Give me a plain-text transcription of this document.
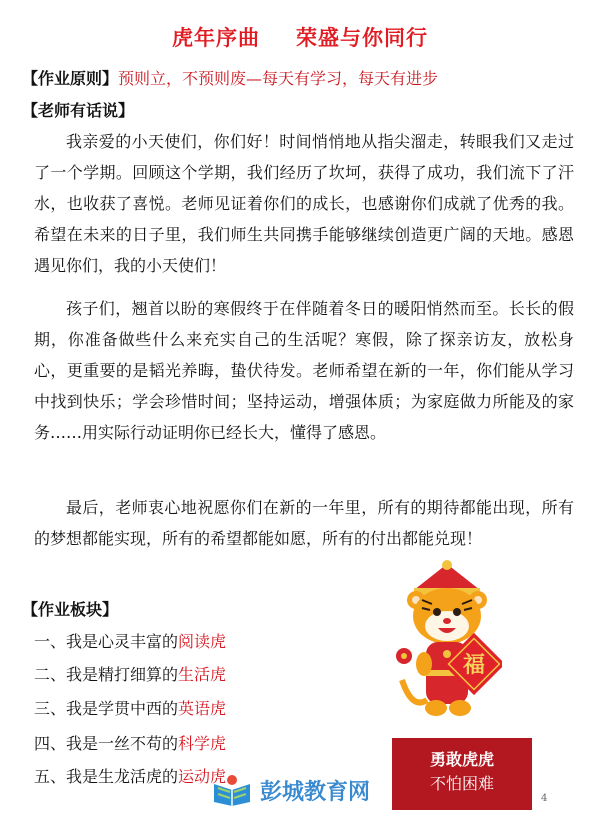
虎年序曲 荣盛与你同行
【作业原则】预则立，不预则废—每天有学习，每天有进步
【老师有话说】
我亲爱的小天使们，你们好！时间悄悄地从指尖溜走，转眼我们又走过了一个学期。回顾这个学期，我们经历了坎坷，获得了成功，我们流下了汗水，也收获了喜悦。老师见证着你们的成长，也感谢你们成就了优秀的我。希望在未来的日子里，我们师生共同携手能够继续创造更广阔的天地。感恩遇见你们，我的小天使们！
孩子们，翘首以盼的寒假终于在伴随着冬日的暖阳悄然而至。长长的假期，你准备做些什么来充实自己的生活呢？寒假，除了探亲访友，放松身心，更重要的是韬光养晦，蛰伏待发。老师希望在新的一年，你们能从学习中找到快乐；学会珍惜时间；坚持运动，增强体质；为家庭做力所能及的家务……用实际行动证明你已经长大，懂得了感恩。
最后，老师衷心地祝愿你们在新的一年里，所有的期待都能出现，所有的梦想都能实现，所有的希望都能如愿，所有的付出都能兑现！
【作业板块】
一、我是心灵丰富的阅读虎
二、我是精打细算的生活虎
三、我是学贯中西的英语虎
四、我是一丝不苟的科学虎
五、我是生龙活虎的运动虎
福
勇敢虎虎
不怕困难
彭城教育网	4
